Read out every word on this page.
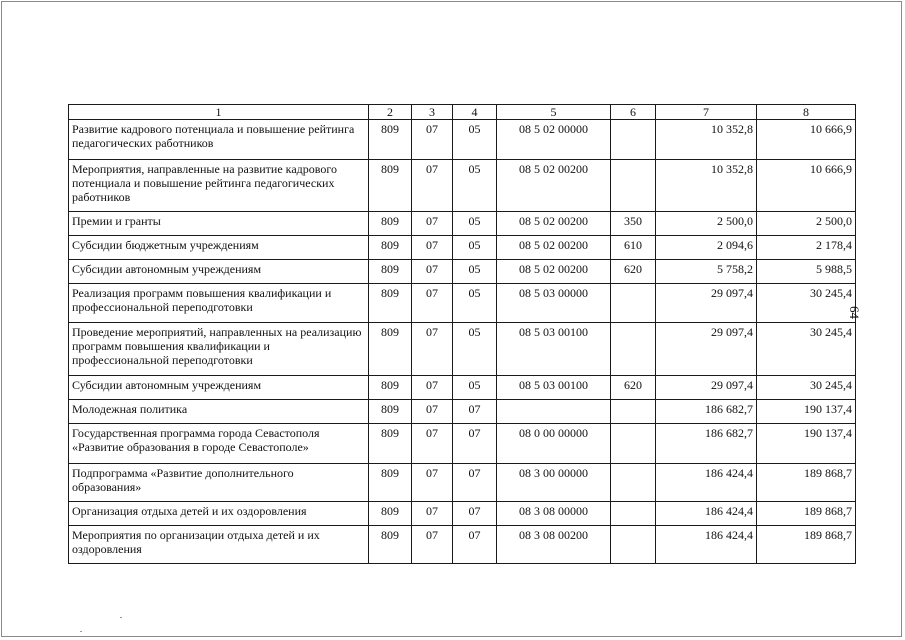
1	2	3	4	5	6	7	8
Развитие кадрового потенциала и повышение рейтинга педагогических работников	809	07	05	08 5 02 00000		10 352,8	10 666,9
Мероприятия, направленные на развитие кадрового потенциала и повышение рейтинга педагогических работников	809	07	05	08 5 02 00200		10 352,8	10 666,9
Премии и гранты	809	07	05	08 5 02 00200	350	2 500,0	2 500,0
Субсидии бюджетным учреждениям	809	07	05	08 5 02 00200	610	2 094,6	2 178,4
Субсидии автономным учреждениям	809	07	05	08 5 02 00200	620	5 758,2	5 988,5
Реализация программ повышения квалификации и профессиональной переподготовки	809	07	05	08 5 03 00000		29 097,4	30 245,4
Проведение мероприятий, направленных на реализацию программ повышения квалификации и профессиональной переподготовки	809	07	05	08 5 03 00100		29 097,4	30 245,4
Субсидии автономным учреждениям	809	07	05	08 5 03 00100	620	29 097,4	30 245,4
Молодежная политика	809	07	07			186 682,7	190 137,4
Государственная программа города Севастополя «Развитие образования в городе Севастополе»	809	07	07	08 0 00 00000		186 682,7	190 137,4
Подпрограмма «Развитие дополнительного образования»	809	07	07	08 3 00 00000		186 424,4	189 868,7
Организация отдыха детей и их оздоровления	809	07	07	08 3 08 00000		186 424,4	189 868,7
Мероприятия по организации отдыха детей и их оздоровления	809	07	07	08 3 08 00200		186 424,4	189 868,7
64
